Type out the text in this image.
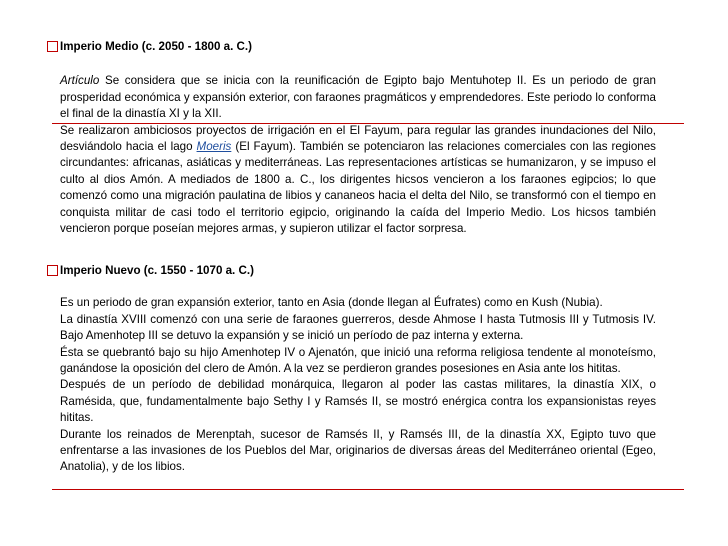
Imperio Medio (c. 2050 - 1800 a. C.)

Artículo Se considera que se inicia con la reunificación de Egipto bajo Mentuhotep II. Es un periodo de gran prosperidad económica y expansión exterior, con faraones pragmáticos y emprendedores. Este periodo lo conforma el final de la dinastía XI y la XII.

Se realizaron ambiciosos proyectos de irrigación en el El Fayum, para regular las grandes inundaciones del Nilo, desviándolo hacia el lago Moeris (El Fayum). También se potenciaron las relaciones comerciales con las regiones circundantes: africanas, asiáticas y mediterráneas. Las representaciones artísticas se humanizaron, y se impuso el culto al dios Amón. A mediados de 1800 a. C., los dirigentes hicsos vencieron a los faraones egipcios; lo que comenzó como una migración paulatina de libios y cananeos hacia el delta del Nilo, se transformó con el tiempo en conquista militar de casi todo el territorio egipcio, originando la caída del Imperio Medio. Los hicsos también vencieron porque poseían mejores armas, y supieron utilizar el factor sorpresa.

Imperio Nuevo (c. 1550 - 1070 a. C.)

Es un periodo de gran expansión exterior, tanto en Asia (donde llegan al Éufrates) como en Kush (Nubia).

La dinastía XVIII comenzó con una serie de faraones guerreros, desde Ahmose I hasta Tutmosis III y Tutmosis IV. Bajo Amenhotep III se detuvo la expansión y se inició un período de paz interna y externa.

Ésta se quebrantó bajo su hijo Amenhotep IV o Ajenatón, que inició una reforma religiosa tendente al monoteísmo, ganándose la oposición del clero de Amón. A la vez se perdieron grandes posesiones en Asia ante los hititas.

Después de un período de debilidad monárquica, llegaron al poder las castas militares, la dinastía XIX, o Ramésida, que, fundamentalmente bajo Sethy I y Ramsés II, se mostró enérgica contra los expansionistas reyes hititas.

Durante los reinados de Merenptah, sucesor de Ramsés II, y Ramsés III, de la dinastía XX, Egipto tuvo que enfrentarse a las invasiones de los Pueblos del Mar, originarios de diversas áreas del Mediterráneo oriental (Egeo, Anatolia), y de los libios.
